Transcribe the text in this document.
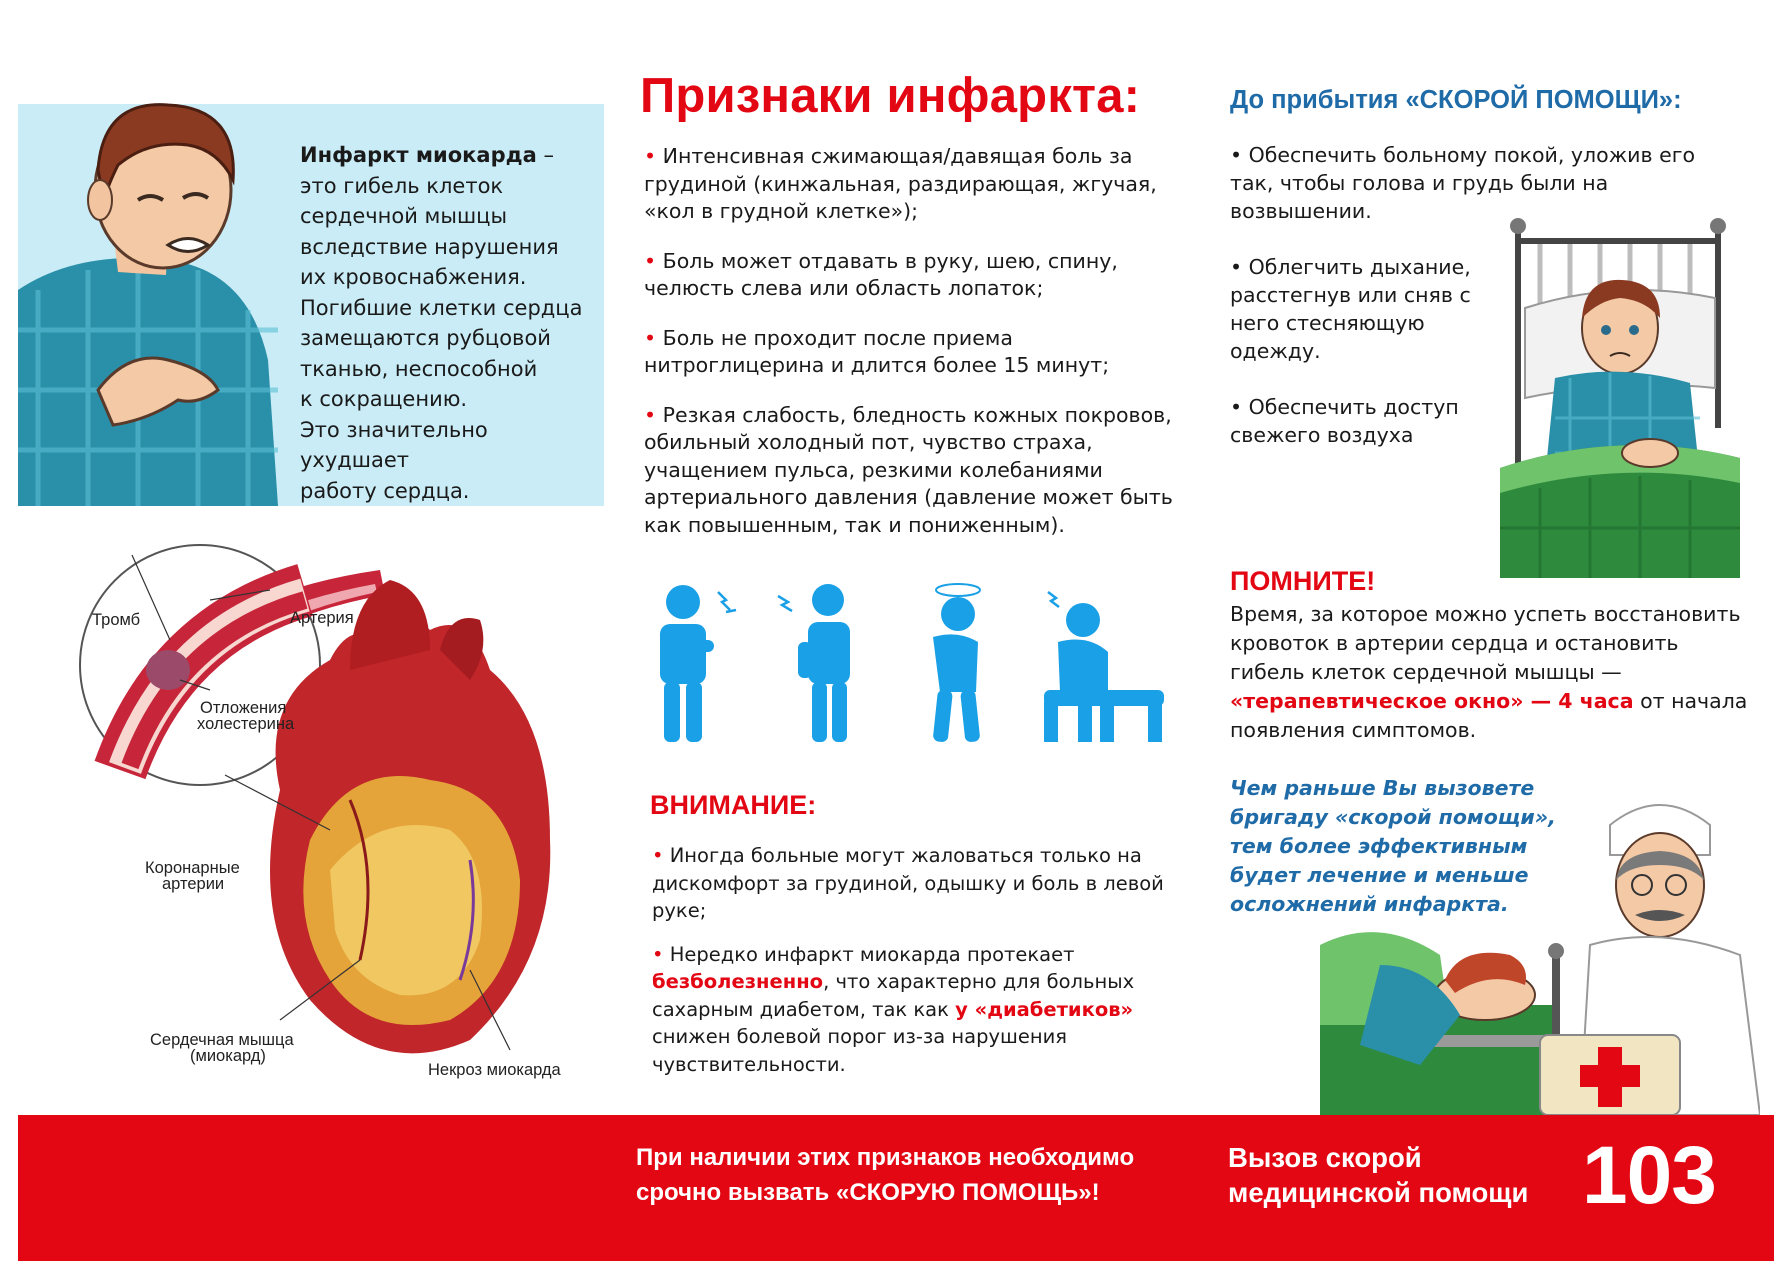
Инфаркт миокарда –
это гибель клеток
сердечной мышцы
вследствие нарушения
их кровоснабжения.
Погибшие клетки сердца
замещаются рубцовой
тканью, неспособной
к сокращению.
Это значительно ухудшает
работу сердца.
Тромб	Артерия
Отложения
холестерина
Коронарные
артерии
Сердечная мышца
(миокард)
Некроз миокарда
Признаки инфаркта:
• Интенсивная сжимающая/давящая боль за грудиной (кинжальная, раздирающая, жгучая, «кол в грудной клетке»);
• Боль может отдавать в руку, шею, спину, челюсть слева или область лопаток;
• Боль не проходит после приема нитроглицерина и длится более 15 минут;
• Резкая слабость, бледность кожных покровов, обильный холодный пот, чувство страха, учащением пульса, резкими колебаниями артериального давления (давление может быть как повышенным, так и пониженным).
ВНИМАНИЕ:
• Иногда больные могут жаловаться только на дискомфорт за грудиной, одышку и боль в левой руке;
• Нередко инфаркт миокарда протекает безболезненно, что характерно для больных сахарным диабетом, так как у «диабетиков» снижен болевой порог из-за нарушения чувствительности.
До прибытия «СКОРОЙ ПОМОЩИ»:
• Обеспечить больному покой, уложив его так, чтобы голова и грудь были на возвышении.
• Облегчить дыхание, расстегнув или сняв с него стесняющую одежду.
• Обеспечить доступ свежего воздуха
ПОМНИТЕ!
Время, за которое можно успеть восстановить кровоток в артерии сердца и остановить гибель клеток сердечной мышцы — «терапевтическое окно» — 4 часа от начала появления симптомов.
Чем раньше Вы вызовете бригаду «скорой помощи», тем более эффективным будет лечение и меньше осложнений инфаркта.
При наличии этих признаков необходимо
срочно вызвать «СКОРУЮ ПОМОЩЬ»!
Вызов скорой
медицинской помощи 103
